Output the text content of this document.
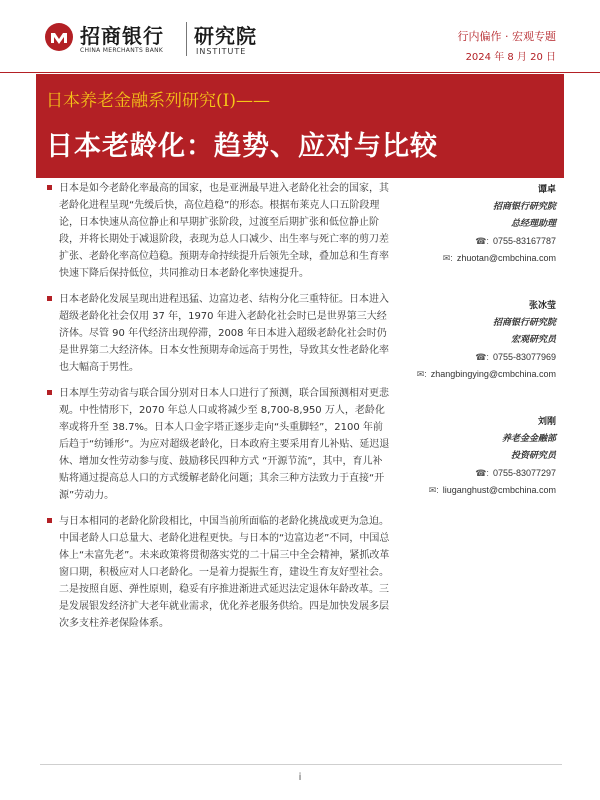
招商银行
CHINA MERCHANTS BANK
研究院
INSTITUTE
行内偏作 · 宏观专题
2024 年 8 月 20 日
日本养老金融系列研究(I)——
日本老龄化：趋势、应对与比较
日本是如今老龄化率最高的国家，也是亚洲最早进入老龄化社会的国家，其老龄化进程呈现“先缓后快，高位趋稳”的形态。根据布莱克人口五阶段理论，日本快速从高位静止和早期扩张阶段，过渡至后期扩张和低位静止阶段，并将长期处于减退阶段，表现为总人口减少、出生率与死亡率的剪刀差扩张、老龄化率高位趋稳。预期寿命持续提升后领先全球，叠加总和生育率快速下降后保持低位，共同推动日本老龄化率快速提升。
日本老龄化发展呈现出进程迅猛、边富边老、结构分化三重特征。日本进入超级老龄化社会仅用 37 年，1970 年进入老龄化社会时已是世界第三大经济体。尽管 90 年代经济出现停滞，2008 年日本进入超级老龄化社会时仍是世界第二大经济体。日本女性预期寿命远高于男性，导致其女性老龄化率也大幅高于男性。
日本厚生劳动省与联合国分别对日本人口进行了预测，联合国预测相对更悲观。中性情形下，2070 年总人口或将减少至 8,700-8,950 万人，老龄化率或将升至 38.7%。日本人口金字塔正逐步走向“头重脚轻”，2100 年前后趋于“纺锤形”。为应对超级老龄化，日本政府主要采用育儿补贴、延迟退休、增加女性劳动参与度、鼓励移民四种方式 “开源节流”，其中，育儿补贴将通过提高总人口的方式缓解老龄化问题；其余三种方法致力于直接“开源”劳动力。
与日本相同的老龄化阶段相比，中国当前所面临的老龄化挑战或更为急迫。中国老龄人口总量大、老龄化进程更快。与日本的“边富边老”不同，中国总体上“未富先老”。未来政策将贯彻落实党的二十届三中全会精神，紧抓改革窗口期，积极应对人口老龄化。一是着力提振生育，建设生育友好型社会。二是按照自愿、弹性原则，稳妥有序推进渐进式延迟法定退休年龄改革。三是发展银发经济扩大老年就业需求，优化养老服务供给。四是加快发展多层次多支柱养老保险体系。
谭卓
招商银行研究院
总经理助理
☎: 0755-83167787
✉: zhuotan@cmbchina.com
张冰莹
招商银行研究院
宏观研究员
☎: 0755-83077969
✉: zhangbingying@cmbchina.com
刘刚
养老金金融部
投资研究员
☎: 0755-83077297
✉: liuganghust@cmbchina.com
i
